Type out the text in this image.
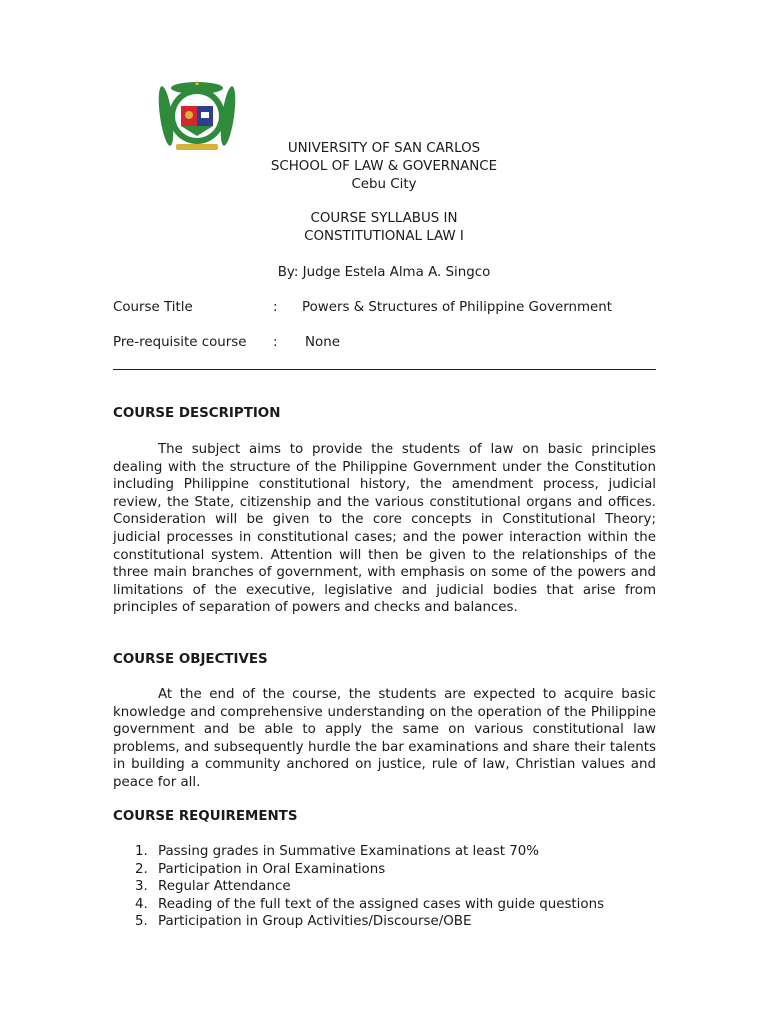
UNIVERSITY OF SAN CARLOS
SCHOOL OF LAW & GOVERNANCE
Cebu City
COURSE SYLLABUS IN
CONSTITUTIONAL LAW I
By: Judge Estela Alma A. Singco
Course Title	: Powers & Structures of Philippine Government
Pre-requisite course : None
COURSE DESCRIPTION

The subject aims to provide the students of law on basic principles dealing with the structure of the Philippine Government under the Constitution including Philippine constitutional history, the amendment process, judicial review, the State, citizenship and the various constitutional organs and offices. Consideration will be given to the core concepts in Constitutional Theory; judicial processes in constitutional cases; and the power interaction within the constitutional system. Attention will then be given to the relationships of the three main branches of government, with emphasis on some of the powers and limitations of the executive, legislative and judicial bodies that arise from principles of separation of powers and checks and balances.

COURSE OBJECTIVES

At the end of the course, the students are expected to acquire basic knowledge and comprehensive understanding on the operation of the Philippine government and be able to apply the same on various constitutional law problems, and subsequently hurdle the bar examinations and share their talents in building a community anchored on justice, rule of law, Christian values and peace for all.

COURSE REQUIREMENTS
1. Passing grades in Summative Examinations at least 70%
2. Participation in Oral Examinations
3. Regular Attendance
4. Reading of the full text of the assigned cases with guide questions
5. Participation in Group Activities/Discourse/OBE
